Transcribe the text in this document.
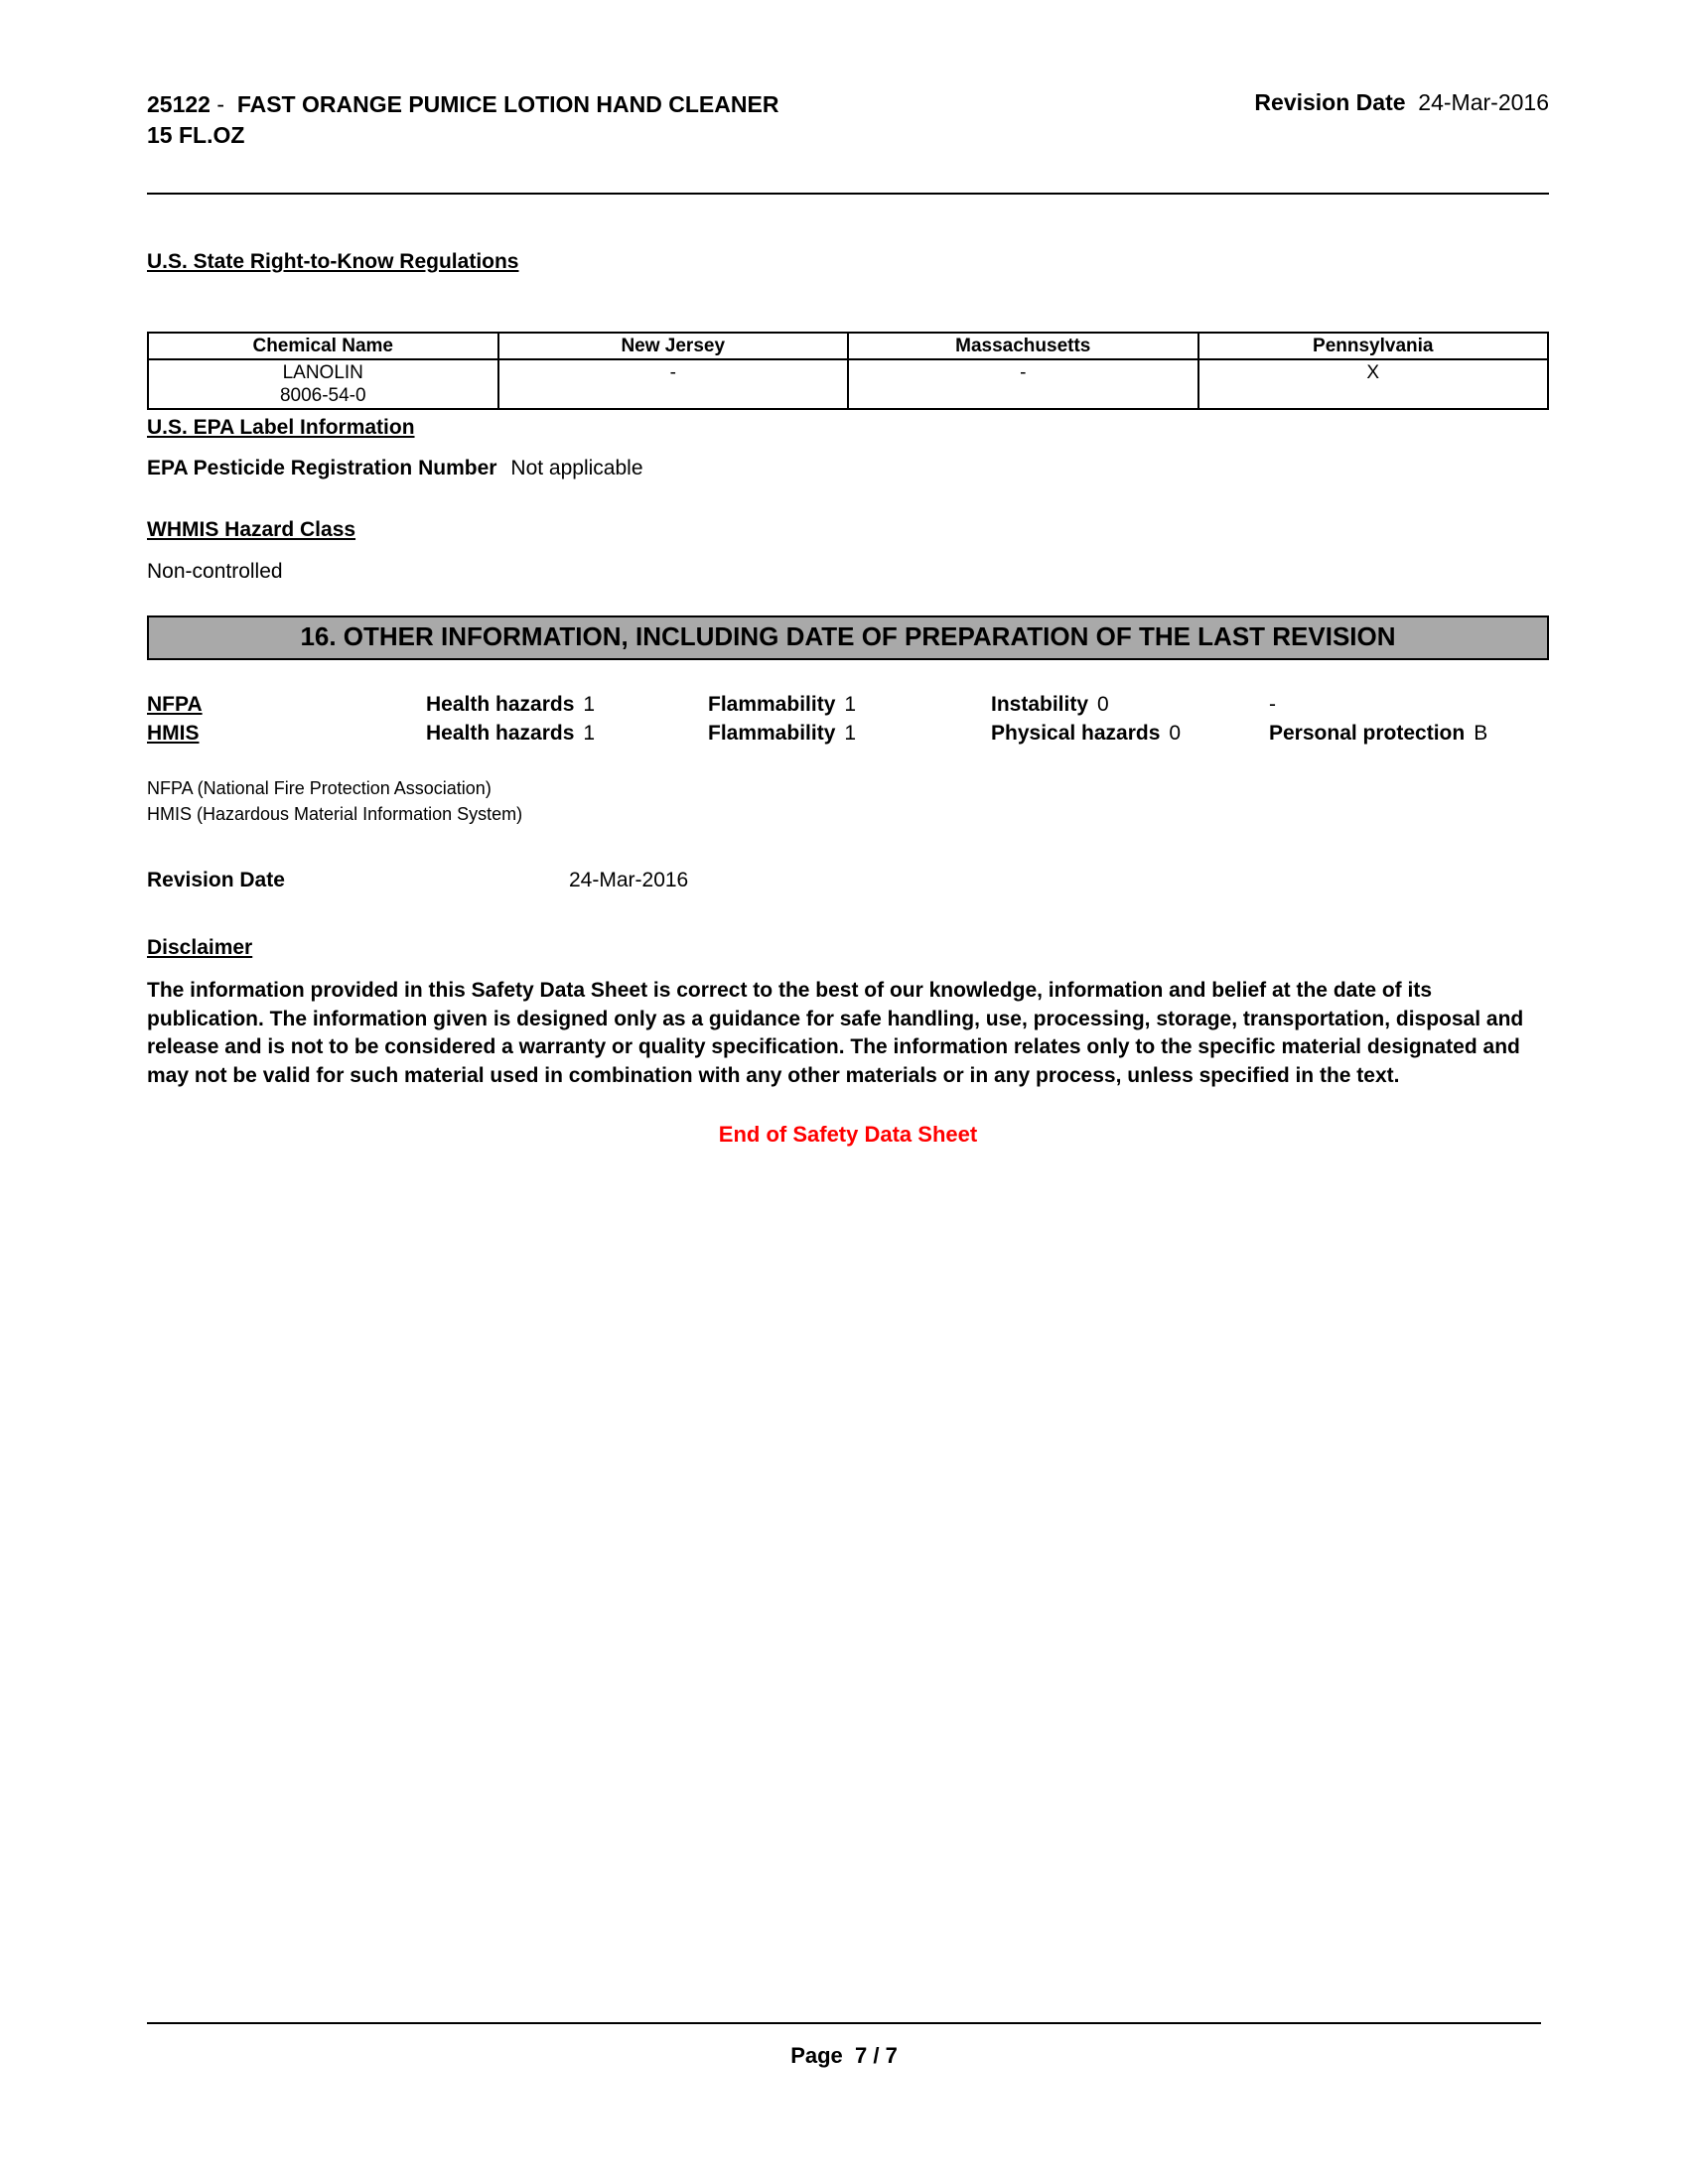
25122 -  FAST ORANGE PUMICE LOTION HAND CLEANER  15 FL.OZ
Revision Date  24-Mar-2016
U.S. State Right-to-Know Regulations
Chemical Name	New Jersey	Massachusetts	Pennsylvania

LANOLIN
8006-54-0	-	-	X
U.S. EPA Label Information
EPA Pesticide Registration Number Not applicable
WHMIS Hazard Class
Non-controlled
16. OTHER INFORMATION, INCLUDING DATE OF PREPARATION OF THE LAST REVISION
NFPA	Health hazards 1	Flammability 1	Instability 0	-
HMIS	Health hazards 1	Flammability 1	Physical hazards 0	Personal protection B
NFPA (National Fire Protection Association)
HMIS (Hazardous Material Information System)
Revision Date	24-Mar-2016
Disclaimer

The information provided in this Safety Data Sheet is correct to the best of our knowledge, information and belief at the date of its publication. The information given is designed only as a guidance for safe handling, use, processing, storage, transportation, disposal and release and is not to be considered a warranty or quality specification. The information relates only to the specific material designated and may not be valid for such material used in combination with any other materials or in any process, unless specified in the text.

End of Safety Data Sheet
Page  7 / 7
